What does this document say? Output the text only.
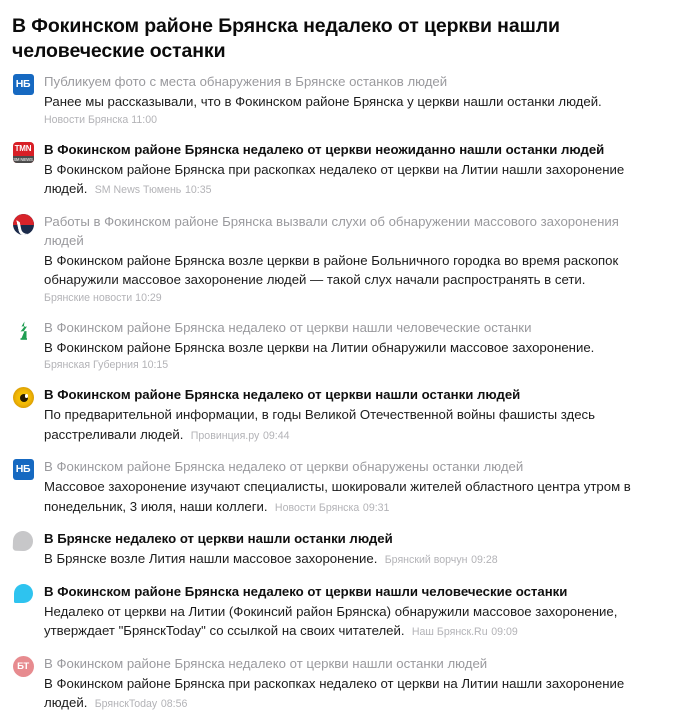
В Фокинском районе Брянска недалеко от церкви нашли человеческие останки
НБ Публикуем фото с места обнаружения в Брянске останков людей
Ранее мы рассказывали, что в Фокинском районе Брянска у церкви нашли останки людей.
Новости Брянска 11:00
TMN
SM NEWS
В Фокинском районе Брянска недалеко от церкви неожиданно нашли останки людей
В Фокинском районе Брянска при раскопках недалеко от церкви на Литии нашли захоронение людей. SM News Тюмень 10:35
Работы в Фокинском районе Брянска вызвали слухи об обнаружении массового захоронения людей
В Фокинском районе Брянска возле церкви в районе Больничного городка во время раскопок обнаружили массовое захоронение людей — такой слух начали распространять в сети.
Брянские новости 10:29
В Фокинском районе Брянска недалеко от церкви нашли человеческие останки
В Фокинском районе Брянска возле церкви на Литии обнаружили массовое захоронение.
Брянская Губерния 10:15
В Фокинском районе Брянска недалеко от церкви нашли останки людей
По предварительной информации, в годы Великой Отечественной войны фашисты здесь расстреливали людей. Провинция.ру 09:44
НБ В Фокинском районе Брянска недалеко от церкви обнаружены останки людей
Массовое захоронение изучают специалисты, шокировали жителей областного центра утром в понедельник, 3 июля, наши коллеги. Новости Брянска 09:31
В Брянске недалеко от церкви нашли останки людей
В Брянске возле Лития нашли массовое захоронение. Брянский ворчун 09:28
В Фокинском районе Брянска недалеко от церкви нашли человеческие останки
Недалеко от церкви на Литии (Фокинсий район Брянска) обнаружили массовое захоронение, утверждает "БрянскToday" со ссылкой на своих читателей. Наш Брянск.Ru 09:09
БТ	В Фокинском районе Брянска недалеко от церкви нашли останки людей
В Фокинском районе Брянска при раскопках недалеко от церкви на Литии нашли захоронение людей. БрянскToday 08:56
